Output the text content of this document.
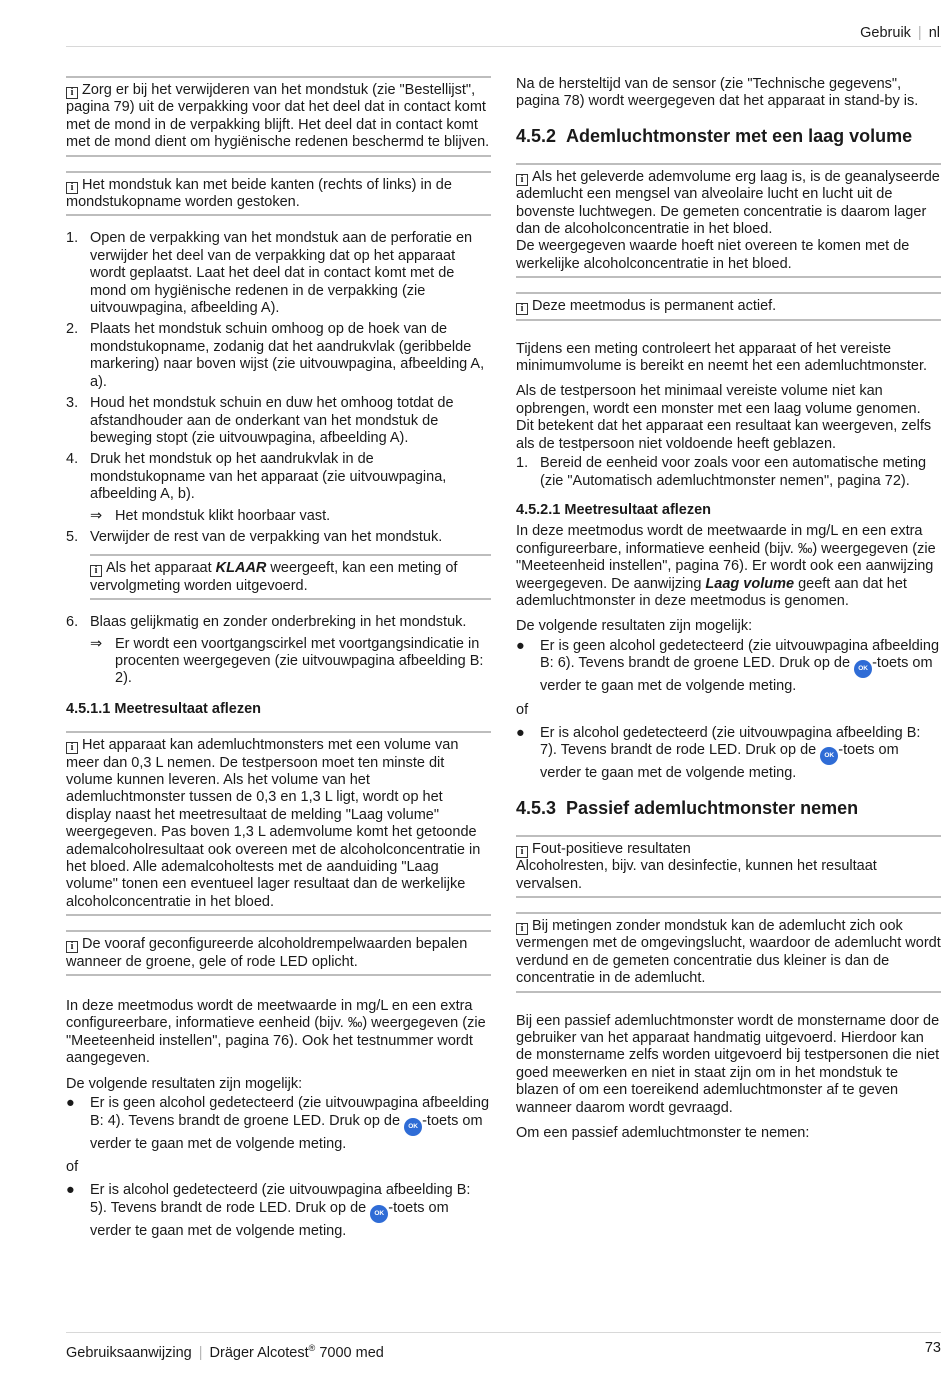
Gebruik | nl
i Zorg er bij het verwijderen van het mondstuk (zie "Bestellijst", pagina 79) uit de verpakking voor dat het deel dat in contact komt met de mond in de verpakking blijft. Het deel dat in contact komt met de mond dient om hygiënische redenen beschermd te blijven.
i Het mondstuk kan met beide kanten (rechts of links) in de mondstukopname worden gestoken.
1. Open de verpakking van het mondstuk aan de perforatie en verwijder het deel van de verpakking dat op het apparaat wordt geplaatst. Laat het deel dat in contact komt met de mond om hygiënische redenen in de verpakking (zie uitvouwpagina, afbeelding A).
2. Plaats het mondstuk schuin omhoog op de hoek van de mondstukopname, zodanig dat het aandrukvlak (geribbelde markering) naar boven wijst (zie uitvouwpagina, afbeelding A, a).
3. Houd het mondstuk schuin en duw het omhoog totdat de afstandhouder aan de onderkant van het mondstuk de beweging stopt (zie uitvouwpagina, afbeelding A).
4. Druk het mondstuk op het aandrukvlak in de mondstukopname van het apparaat (zie uitvouwpagina, afbeelding A, b).
⇒ Het mondstuk klikt hoorbaar vast.
5. Verwijder de rest van de verpakking van het mondstuk.
i Als het apparaat KLAAR weergeeft, kan een meting of vervolgmeting worden uitgevoerd.
6. Blaas gelijkmatig en zonder onderbreking in het mondstuk.
⇒ Er wordt een voortgangscirkel met voortgangsindicatie in procenten weergegeven (zie uitvouwpagina afbeelding B: 2).
4.5.1.1 Meetresultaat aflezen
i Het apparaat kan ademluchtmonsters met een volume van meer dan 0,3 L nemen. De testpersoon moet ten minste dit volume kunnen leveren. Als het volume van het ademluchtmonster tussen de 0,3 en 1,3 L ligt, wordt op het display naast het meetresultaat de melding "Laag volume" weergegeven. Pas boven 1,3 L ademvolume komt het getoonde ademalcoholresultaat ook overeen met de alcoholconcentratie in het bloed. Alle ademalcoholtests met de aanduiding "Laag volume" tonen een eventueel lager resultaat dan de werkelijke alcoholconcentratie in het bloed.
i De vooraf geconfigureerde alcoholdrempelwaarden bepalen wanneer de groene, gele of rode LED oplicht.

In deze meetmodus wordt de meetwaarde in mg/L en een extra configureerbare, informatieve eenheid (bijv. ‰) weergegeven (zie "Meeteenheid instellen", pagina 76). Ook het testnummer wordt aangegeven.

De volgende resultaten zijn mogelijk:

● Er is geen alcohol gedetecteerd (zie uitvouwpagina afbeelding B: 4). Tevens brandt de groene LED. Druk op de OK -toets om verder te gaan met de volgende meting.
of
● Er is alcohol gedetecteerd (zie uitvouwpagina afbeelding B: 5). Tevens brandt de rode LED. Druk op de OK -toets om verder te gaan met de volgende meting.

Na de hersteltijd van de sensor (zie "Technische gegevens", pagina 78) wordt weergegeven dat het apparaat in stand-by is.

4.5.2 Ademluchtmonster met een laag volume
i Als het geleverde ademvolume erg laag is, is de geanalyseerde ademlucht een mengsel van alveolaire lucht en lucht uit de bovenste luchtwegen. De gemeten concentratie is daarom lager dan de alcoholconcentratie in het bloed.
De weergegeven waarde hoeft niet overeen te komen met de werkelijke alcoholconcentratie in het bloed.
i Deze meetmodus is permanent actief.

Tijdens een meting controleert het apparaat of het vereiste minimumvolume is bereikt en neemt het een ademluchtmonster.

Als de testpersoon het minimaal vereiste volume niet kan opbrengen, wordt een monster met een laag volume genomen. Dit betekent dat het apparaat een resultaat kan weergeven, zelfs als de testpersoon niet voldoende heeft geblazen.

1. Bereid de eenheid voor zoals voor een automatische meting (zie "Automatisch ademluchtmonster nemen", pagina 72).
4.5.2.1 Meetresultaat aflezen

In deze meetmodus wordt de meetwaarde in mg/L en een extra configureerbare, informatieve eenheid (bijv. ‰) weergegeven (zie "Meeteenheid instellen", pagina 76). Er wordt ook een aanwijzing weergegeven. De aanwijzing Laag volume geeft aan dat het ademluchtmonster in deze meetmodus is genomen.

De volgende resultaten zijn mogelijk:

● Er is geen alcohol gedetecteerd (zie uitvouwpagina afbeelding B: 6). Tevens brandt de groene LED. Druk op de OK -toets om verder te gaan met de volgende meting.
of
● Er is alcohol gedetecteerd (zie uitvouwpagina afbeelding B: 7). Tevens brandt de rode LED. Druk op de OK -toets om verder te gaan met de volgende meting.
4.5.3 Passief ademluchtmonster nemen
i Fout-positieve resultaten
Alcoholresten, bijv. van desinfectie, kunnen het resultaat vervalsen.
i Bij metingen zonder mondstuk kan de ademlucht zich ook vermengen met de omgevingslucht, waardoor de ademlucht wordt verdund en de gemeten concentratie dus kleiner is dan de concentratie in de ademlucht.

Bij een passief ademluchtmonster wordt de monstername door de gebruiker van het apparaat handmatig uitgevoerd. Hierdoor kan de monstername zelfs worden uitgevoerd bij testpersonen die niet goed meewerken en niet in staat zijn om in het mondstuk te blazen of om een toereikend ademluchtmonster af te geven wanneer daarom wordt gevraagd.

Om een passief ademluchtmonster te nemen:

Gebruiksaanwijzing | Dräger Alcotest® 7000 med	73
